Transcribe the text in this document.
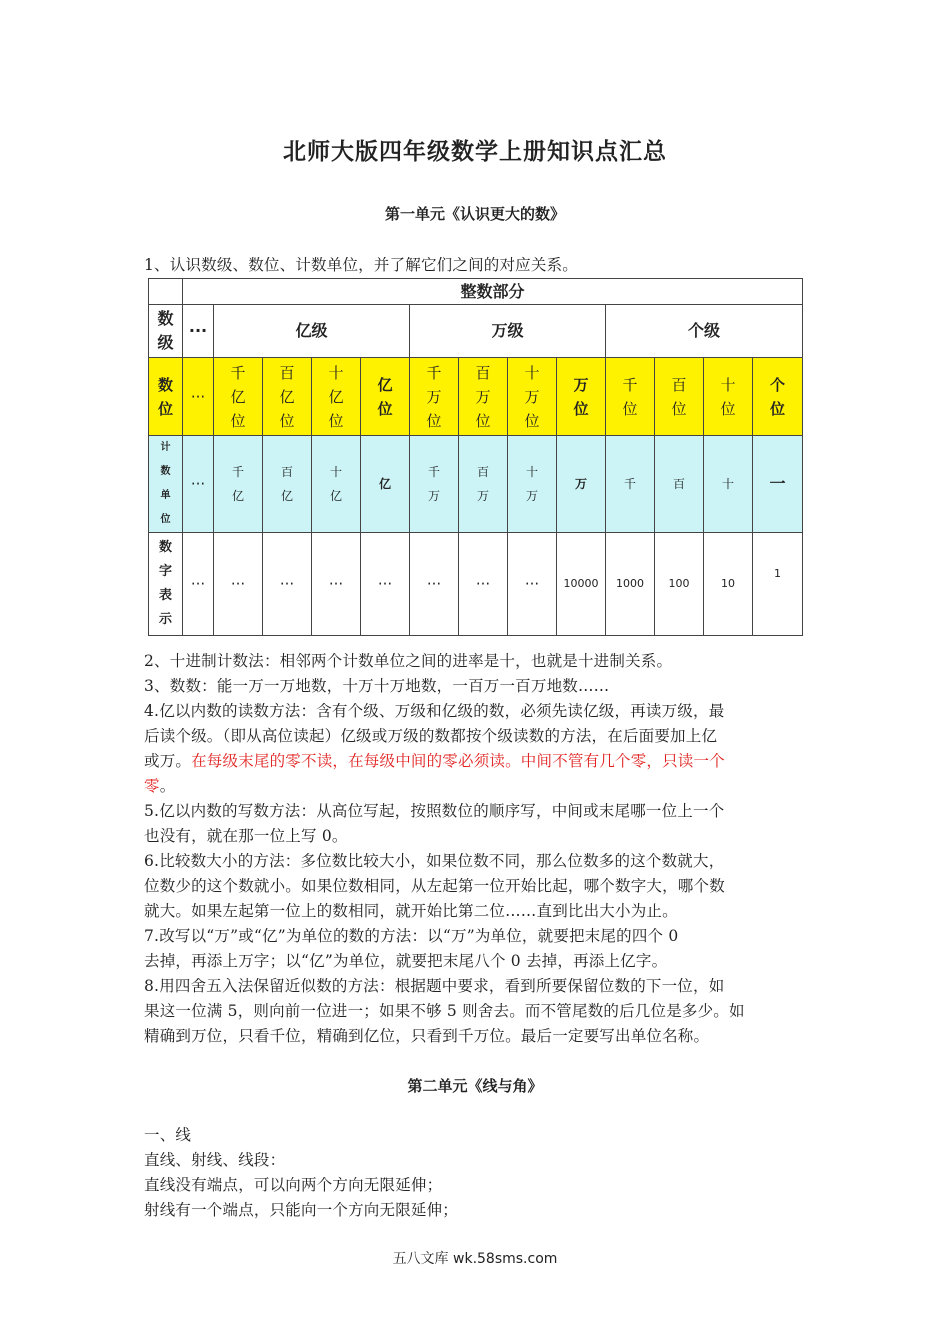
北师大版四年级数学上册知识点汇总
第一单元《认识更大的数》
1、认识数级、数位、计数单位，并了解它们之间的对应关系。
	整数部分												
数级	···	亿级				万级				个级			
数位	···	千亿位	百亿位	十亿位	亿位	千万位	百万位	十万位	万位	千位	百位	十位	个位
计数单位	···	千亿	百亿	十亿	亿	千万	百万	十万	万	千	百	十	一
数字表示	···	···	···	···	···	···	···	···	10000	1000	100	10	1
2、十进制计数法：相邻两个计数单位之间的进率是十，也就是十进制关系。
3、数数：能一万一万地数，十万十万地数，一百万一百万地数……
4.亿以内数的读数方法：含有个级、万级和亿级的数，必须先读亿级，再读万级，最
后读个级。（即从高位读起）亿级或万级的数都按个级读数的方法，在后面要加上亿
或万。在每级末尾的零不读，在每级中间的零必须读。中间不管有几个零，只读一个
零。
5.亿以内数的写数方法：从高位写起，按照数位的顺序写，中间或末尾哪一位上一个
也没有，就在那一位上写 0。
6.比较数大小的方法：多位数比较大小，如果位数不同，那么位数多的这个数就大，
位数少的这个数就小。如果位数相同，从左起第一位开始比起，哪个数字大，哪个数
就大。如果左起第一位上的数相同，就开始比第二位……直到比出大小为止。
7.改写以“万”或“亿”为单位的数的方法：以“万”为单位，就要把末尾的四个 0
去掉，再添上万字；以“亿”为单位，就要把末尾八个 0 去掉，再添上亿字。
8.用四舍五入法保留近似数的方法：根据题中要求，看到所要保留位数的下一位，如
果这一位满 5，则向前一位进一；如果不够 5 则舍去。而不管尾数的后几位是多少。如
精确到万位，只看千位，精确到亿位，只看到千万位。最后一定要写出单位名称。
第二单元《线与角》
一、线
直线、射线、线段：
直线没有端点，可以向两个方向无限延伸；
射线有一个端点，只能向一个方向无限延伸；
五八文库 wk.58sms.com
